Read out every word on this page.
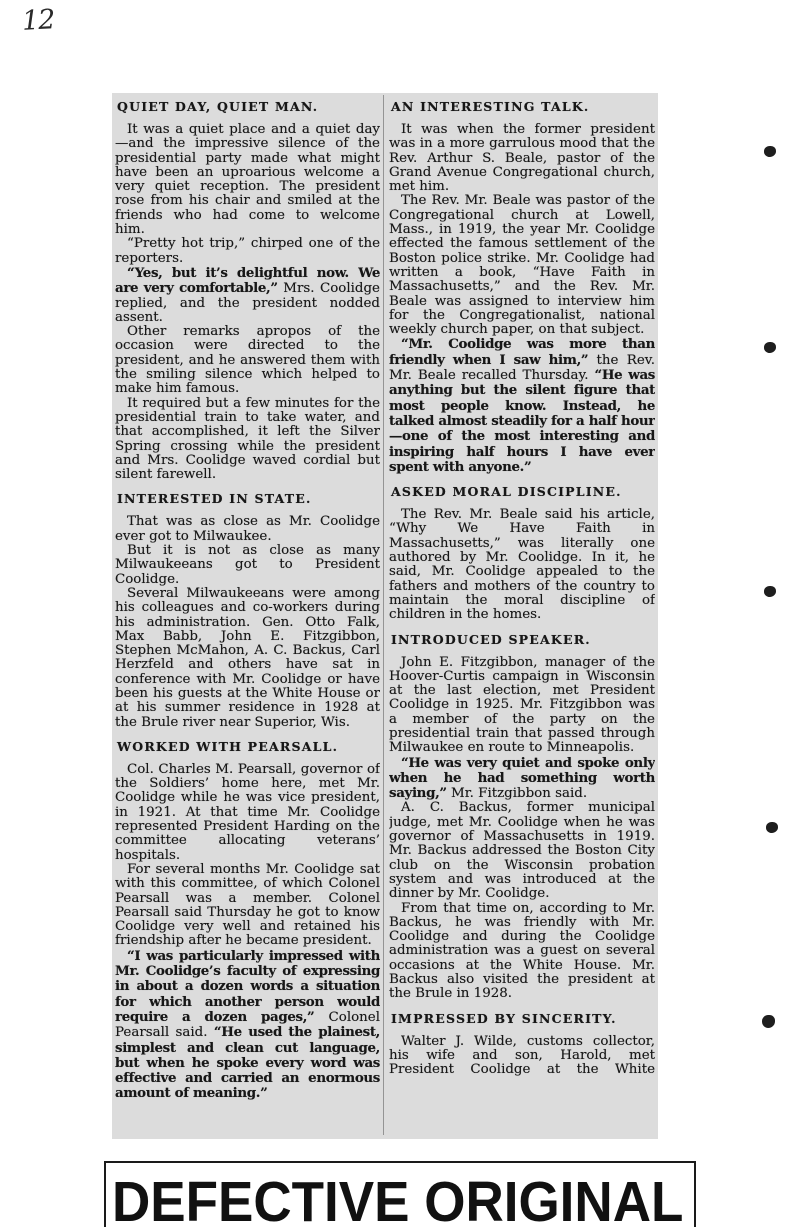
12
QUIET DAY, QUIET MAN.

It was a quiet place and a quiet day—and the impressive silence of the presidential party made what might have been an uproarious welcome a very quiet reception. The president rose from his chair and smiled at the friends who had come to welcome him.

“Pretty hot trip,” chirped one of the reporters.

“Yes, but it’s delightful now. We are very comfortable,” Mrs. Coolidge replied, and the president nodded assent.

Other remarks apropos of the occasion were directed to the president, and he answered them with the smiling silence which helped to make him famous.

It required but a few minutes for the presidential train to take water, and that accomplished, it left the Silver Spring crossing while the president and Mrs. Coolidge waved cordial but silent farewell.

INTERESTED IN STATE.

That was as close as Mr. Coolidge ever got to Milwaukee.

But it is not as close as many Milwaukeeans got to President Coolidge.

Several Milwaukeeans were among his colleagues and co-workers during his administration. Gen. Otto Falk, Max Babb, John E. Fitzgibbon, Stephen McMahon, A. C. Backus, Carl Herzfeld and others have sat in conference with Mr. Coolidge or have been his guests at the White House or at his summer residence in 1928 at the Brule river near Superior, Wis.

WORKED WITH PEARSALL.

Col. Charles M. Pearsall, governor of the Soldiers’ home here, met Mr. Coolidge while he was vice president, in 1921. At that time Mr. Coolidge represented President Harding on the committee allocating veterans’ hospitals.

For several months Mr. Coolidge sat with this committee, of which Colonel Pearsall was a member. Colonel Pearsall said Thursday he got to know Coolidge very well and retained his friendship after he became president.

“I was particularly impressed with Mr. Coolidge’s faculty of expressing in about a dozen words a situation for which another person would require a dozen pages,” Colonel Pearsall said. “He used the plainest, simplest and clean cut language, but when he spoke every word was effective and carried an enormous amount of meaning.”

AN INTERESTING TALK.

It was when the former president was in a more garrulous mood that the Rev. Arthur S. Beale, pastor of the Grand Avenue Congregational church, met him.

The Rev. Mr. Beale was pastor of the Congregational church at Lowell, Mass., in 1919, the year Mr. Coolidge effected the famous settlement of the Boston police strike. Mr. Coolidge had written a book, “Have Faith in Massachusetts,” and the Rev. Mr. Beale was assigned to interview him for the Congregationalist, national weekly church paper, on that subject.

“Mr. Coolidge was more than friendly when I saw him,” the Rev. Mr. Beale recalled Thursday. “He was anything but the silent figure that most people know. Instead, he talked almost steadily for a half hour—one of the most interesting and inspiring half hours I have ever spent with anyone.”

ASKED MORAL DISCIPLINE.

The Rev. Mr. Beale said his article, “Why We Have Faith in Massachusetts,” was literally one authored by Mr. Coolidge. In it, he said, Mr. Coolidge appealed to the fathers and mothers of the country to maintain the moral discipline of children in the homes.

INTRODUCED SPEAKER.

John E. Fitzgibbon, manager of the Hoover-Curtis campaign in Wisconsin at the last election, met President Coolidge in 1925. Mr. Fitzgibbon was a member of the party on the presidential train that passed through Milwaukee en route to Minneapolis.

“He was very quiet and spoke only when he had something worth saying,” Mr. Fitzgibbon said.

A. C. Backus, former municipal judge, met Mr. Coolidge when he was governor of Massachusetts in 1919. Mr. Backus addressed the Boston City club on the Wisconsin probation system and was introduced at the dinner by Mr. Coolidge.

From that time on, according to Mr. Backus, he was friendly with Mr. Coolidge and during the Coolidge administration was a guest on several occasions at the White House. Mr. Backus also visited the president at the Brule in 1928.

IMPRESSED BY SINCERITY.

Walter J. Wilde, customs collector, his wife and son, Harold, met President Coolidge at the White

DEFECTIVE ORIGINAL
